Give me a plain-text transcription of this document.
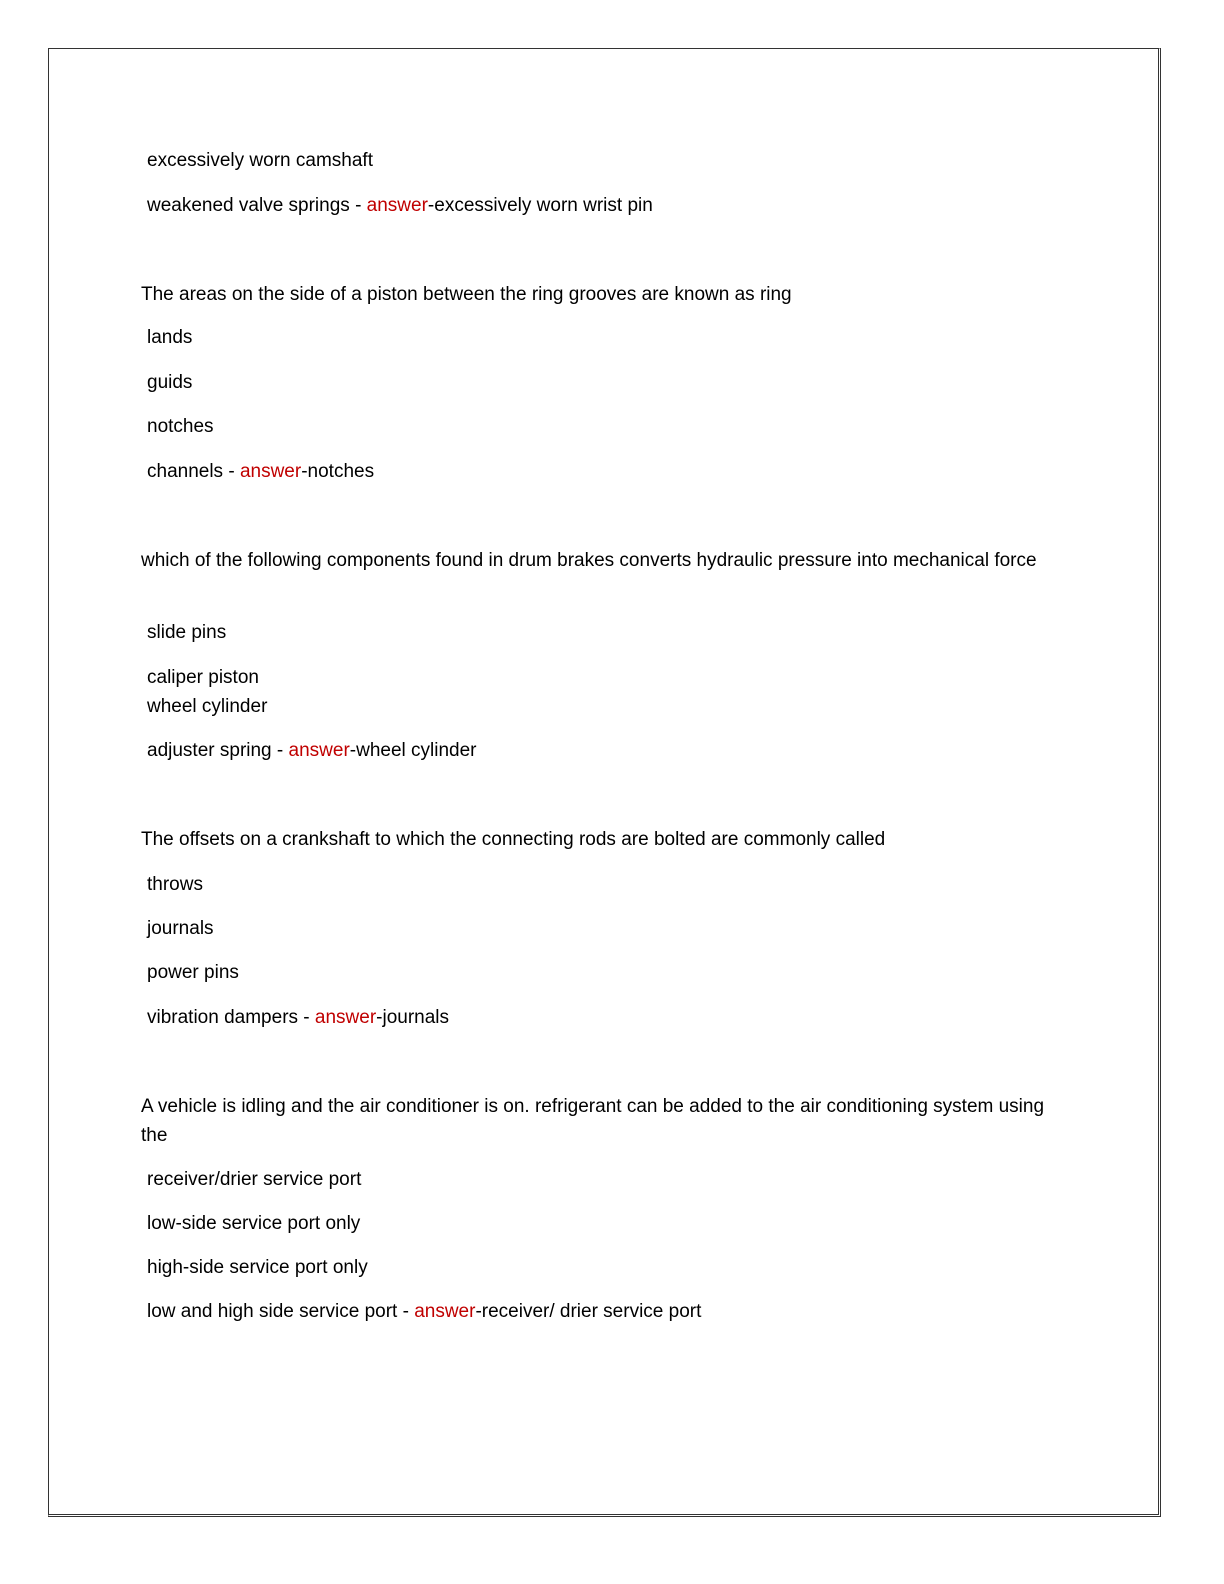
excessively worn camshaft
weakened valve springs - answer-excessively worn wrist pin
The areas on the side of a piston between the ring grooves are known as ring
lands
guids
notches
channels - answer-notches
which of the following components found in drum brakes converts hydraulic pressure into mechanical force
slide pins
caliper piston
wheel cylinder
adjuster spring - answer-wheel cylinder
The offsets on a crankshaft to which the connecting rods are bolted are commonly called
throws
journals
power pins
vibration dampers - answer-journals
A vehicle is idling and the air conditioner is on. refrigerant can be added to the air conditioning system using the
receiver/drier service port
low-side service port only
high-side service port only
low and high side service port - answer-receiver/ drier service port
